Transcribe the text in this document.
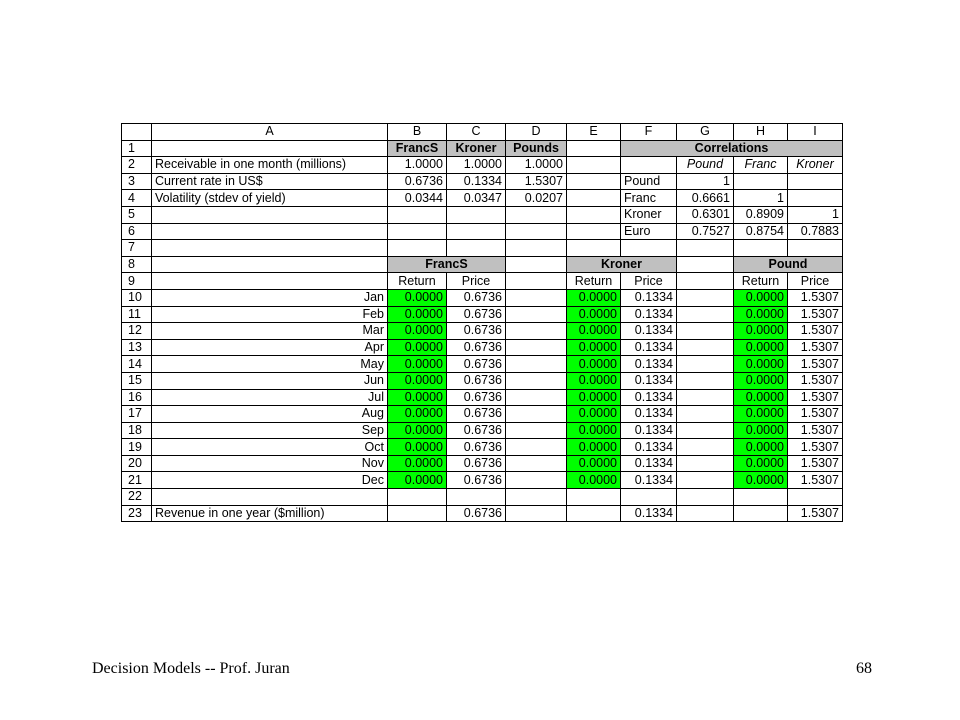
	A	B	C	D	E	F	G	H	I
1		FrancS	Kroner	Pounds		Correlations			
2	Receivable in one month (millions)	1.0000	1.0000	1.0000			Pound	Franc	Kroner
3	Current rate in US$	0.6736	0.1334	1.5307		Pound	1		
4	Volatility (stdev of yield)	0.0344	0.0347	0.0207		Franc	0.6661	1	
5						Kroner	0.6301	0.8909	1
6						Euro	0.7527	0.8754	0.7883
7									
8		FrancS			Kroner			Pound	
9		Return	Price		Return	Price		Return	Price
10	Jan	0.0000	0.6736		0.0000	0.1334		0.0000	1.5307
11	Feb	0.0000	0.6736		0.0000	0.1334		0.0000	1.5307
12	Mar	0.0000	0.6736		0.0000	0.1334		0.0000	1.5307
13	Apr	0.0000	0.6736		0.0000	0.1334		0.0000	1.5307
14	May	0.0000	0.6736		0.0000	0.1334		0.0000	1.5307
15	Jun	0.0000	0.6736		0.0000	0.1334		0.0000	1.5307
16	Jul	0.0000	0.6736		0.0000	0.1334		0.0000	1.5307
17	Aug	0.0000	0.6736		0.0000	0.1334		0.0000	1.5307
18	Sep	0.0000	0.6736		0.0000	0.1334		0.0000	1.5307
19	Oct	0.0000	0.6736		0.0000	0.1334		0.0000	1.5307
20	Nov	0.0000	0.6736		0.0000	0.1334		0.0000	1.5307
21	Dec	0.0000	0.6736		0.0000	0.1334		0.0000	1.5307
22									
23	Revenue in one year ($million)		0.6736			0.1334			1.5307
Decision Models -- Prof. Juran	68
